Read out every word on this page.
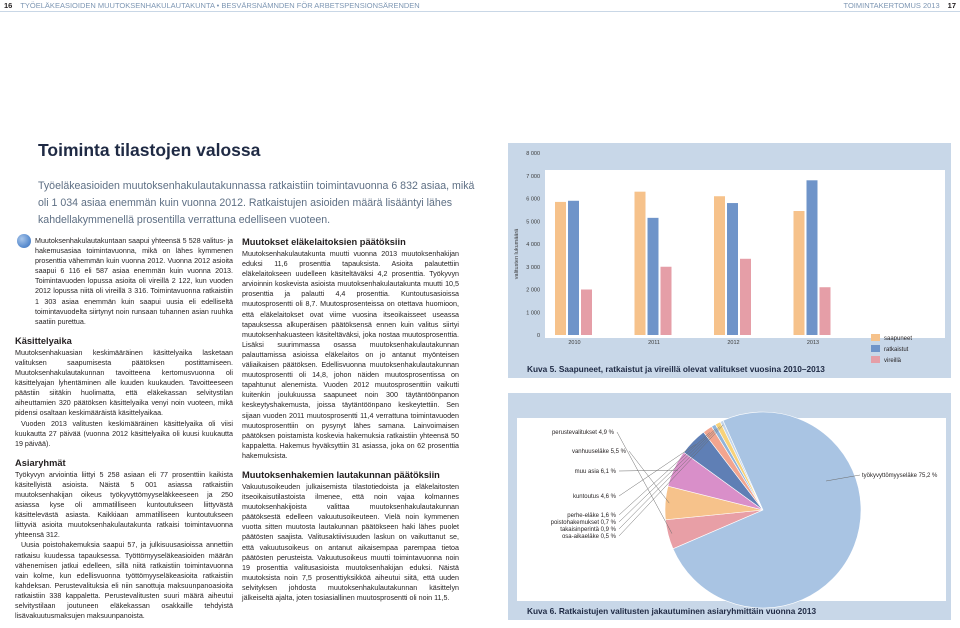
16 TYÖELÄKEASIOIDEN MUUTOKSENHAKULAUTAKUNTA • BESVÄRSNÄMNDEN FÖR ARBETSPENSIONSÄRENDEN	TOIMINTAKERTOMUS 2013 17
Toiminta tilastojen valossa

Työeläkeasioiden muutoksenhakulautakunnassa ratkaistiin toimintavuonna 6 832 asiaa, mikä oli 1 034 asiaa enemmän kuin vuonna 2012. Ratkaistujen asioiden määrä lisääntyi lähes kahdellakymmenellä prosentilla verrattuna edelliseen vuoteen.

Muutoksenhakulautakuntaan saapui yhteensä 5 528 valitus- ja hakemusasiaa toimintavuonna, mikä on lähes kymmenen prosenttia vähemmän kuin vuonna 2012. Vuonna 2012 asioita saapui 6 116 eli 587 asiaa enemmän kuin vuonna 2013. Toimintavuoden lopussa asioita oli vireillä 2 122, kun vuoden 2012 lopussa niitä oli vireillä 3 316. Toimintavuonna ratkaistiin 1 303 asiaa enemmän kuin saapui uusia eli edelliseltä toimintavuodelta siirtynyt noin runsaan tuhannen asian ruuhka saatiin purettua.

Käsittelyaika

Muutoksenhakuasian keskimääräinen käsittelyaika lasketaan valituksen saapumisesta päätöksen postittamiseen. Muutoksenhakulautakunnan tavoitteena kertomusvuonna oli käsittelyajan lyhentäminen alle kuuden kuukauden. Tavoitteeseen päästiin siitäkin huolimatta, että eläkekassan selvitystilan aiheuttamien 320 päätöksen käsittelyaika venyi noin vuoteen, mikä pidensi osaltaan keskimääräistä käsittelyaikaa.

Vuoden 2013 valitusten keskimääräinen käsittelyaika oli viisi kuukautta 27 päivää (vuonna 2012 käsittelyaika oli kuusi kuukautta 19 päivää).

Asiaryhmät

Työkyvyn arviointia liittyi 5 258 asiaan eli 77 prosenttiin kaikista käsitellyistä asioista. Näistä 5 001 asiassa ratkaistiin muutoksenhakijan oikeus työkyvyttömyyseläkkeeseen ja 250 asiassa kyse oli ammatilliseen kuntoutukseen liittyvästä käsittelevästä asiasta. Kaikkiaan ammatilliseen kuntoutukseen liittyviä asioita muutoksenhakulautakunta ratkaisi toimintavuonna yhteensä 312.

Uusia poistohakemuksia saapui 57, ja julkisuusasioissa annettiin ratkaisu kuudessa tapauksessa. Työttömyyseläkeasioiden määrän vähenemisen jatkui edelleen, sillä niitä ratkaistiin toimintavuonna vain kolme, kun edellisvuonna työttömyyseläkeasioita ratkaistiin kahdeksan. Perustevalituksia eli niin sanottuja maksuunpanoasioita ratkaistiin 338 kappaletta. Perustevalitusten suuri määrä aiheutui selvitystilaan joutuneen eläkekassan osakkaille tehdyistä lisävakuutusmaksujen maksuunpanoista.

Muutokset eläkelaitoksien päätöksiin

Muutoksenhakulautakunta muutti vuonna 2013 muutoksenhakijan eduksi 11,6 prosenttia tapauksista. Asioita palautettiin eläkelaitokseen uudelleen käsiteltäväksi 4,2 prosenttia. Työkyvyn arvioinnin koskevista asioista muutoksenhakulautakunta muutti 10,5 prosenttia ja palautti 4,4 prosenttia. Kuntoutusasioissa muutosprosentti oli 8,7. Muutosprosenteissa on otettava huomioon, että eläkelaitokset ovat viime vuosina itseoikaisseet useassa tapauksessa alkuperäisen päätöksensä ennen kuin valitus siirtyi muutoksenhakuasteen käsiteltäväksi, joka nostaa muutosprosenttia. Lisäksi suurimmassa osassa muutoksenhakulautakunnan palauttamissa asioissa eläkelaitos on jo antanut myönteisen väliaikaisen päätöksen. Edellisvuonna muutoksenhakulautakunnan muutosprosentti oli 14,8, johon näiden muutosprosentissa on tapahtunut alenemista. Vuoden 2012 muutosprosenttiin vaikutti kuitenkin joulukuussa saapuneet noin 300 täytäntöönpanon keskeytyshakemusta, joissa täytäntöönpano keskeytettiin. Sen sijaan vuoden 2011 muutosprosentti 11,4 verrattuna toimintavuoden muutosprosenttiin on pysynyt lähes samana. Lainvoimaisen päätöksen poistamista koskevia hakemuksia ratkaistiin yhteensä 50 kappaletta. Hakemus hyväksyttiin 31 asiassa, joka on 62 prosenttia hakemuksista.

Muutoksenhakemien lautakunnan päätöksiin

Vakuutusoikeuden julkaisemista tilastotiedoista ja eläkelaitosten itseoikaisutilastoista ilmenee, että noin vajaa kolmannes muutoksenhakijoista valittaa muutoksenhakulautakunnan päätöksestä edelleen vakuutusoikeuteen. Vielä noin kymmenen vuotta sitten muutosta lautakunnan päätökseen haki lähes puolet päätösten saajista. Valitusaktiivisuuden laskun on vaikuttanut se, että vakuutusoikeus on antanut aikaisempaa parempaa tietoa päätösten perusteista. Vakuutusoikeus muutti toimintavuonna noin 19 prosenttia valitusasioista muutoksenhakijan eduksi. Näistä muutoksista noin 7,5 prosenttiyksikköä aiheutui siitä, että uuden selvityksen johdosta muutoksenhakulautakunnan käsittelyn jälkeiseltä ajalta, joten tosiasiallinen muutosprosentti oli noin 11,5.

0
1 000
2 000
3 000
4 000
5 000
6 000
7 000
8 000
valitusten lukumäärä
2010	2011	2012	2013
saapuneet
ratkaistut
vireillä
Kuva 5. Saapuneet, ratkaistut ja vireillä olevat valitukset vuosina 2010–2013
perustevalitukset 4,9 %
vanhuuseläke 5,5 %
muu asia 6,1 %
kuntoutus 4,6 %
perhe-eläke 1,6 %
poistohakemukset 0,7 %
takaisinperintä 0,9 %
osa-aikaeläke 0,5 %
työkyvyttömyyseläke 75,2 %
Kuva 6. Ratkaistujen valitusten jakautuminen asiaryhmittäin vuonna 2013
